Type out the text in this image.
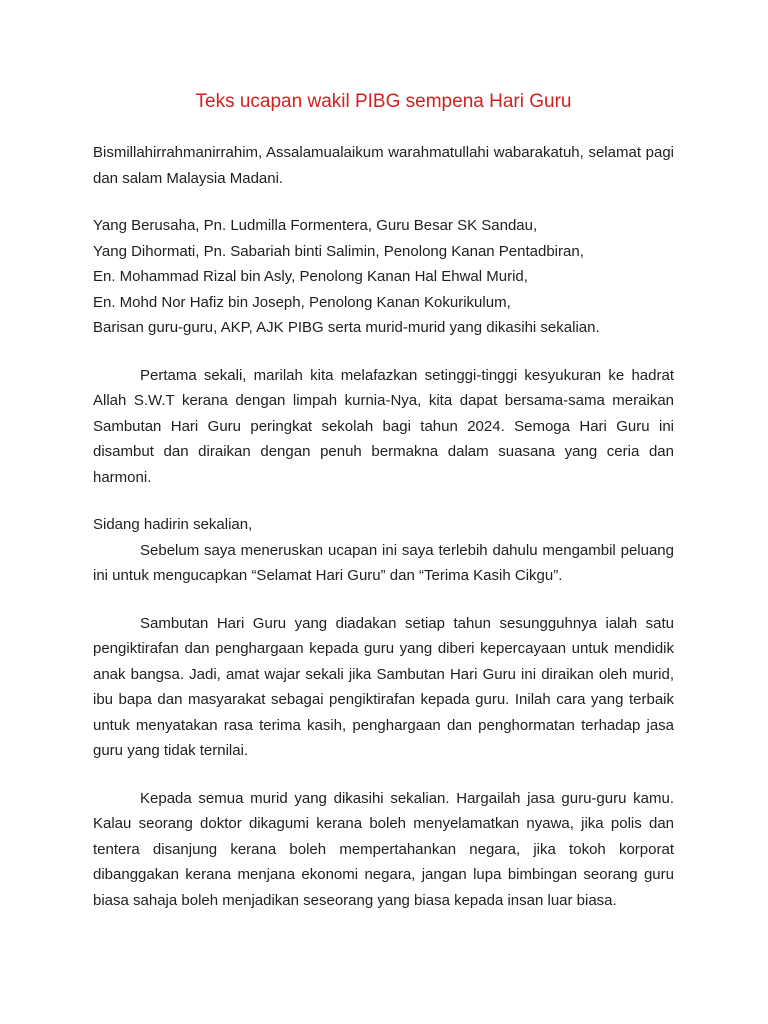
Teks ucapan wakil PIBG sempena Hari Guru

Bismillahirrahmanirrahim, Assalamualaikum warahmatullahi wabarakatuh, selamat pagi dan salam Malaysia Madani.

Yang Berusaha, Pn. Ludmilla Formentera, Guru Besar SK Sandau,

Yang Dihormati, Pn. Sabariah binti Salimin, Penolong Kanan Pentadbiran,

En. Mohammad Rizal bin Asly, Penolong Kanan Hal Ehwal Murid,

En. Mohd Nor Hafiz bin Joseph, Penolong Kanan Kokurikulum,

Barisan guru-guru, AKP, AJK PIBG serta murid-murid yang dikasihi sekalian.

Pertama sekali, marilah kita melafazkan setinggi-tinggi kesyukuran ke hadrat Allah S.W.T kerana dengan limpah kurnia-Nya, kita dapat bersama-sama meraikan Sambutan Hari Guru peringkat sekolah bagi tahun 2024. Semoga Hari Guru ini disambut dan diraikan dengan penuh bermakna dalam suasana yang ceria dan harmoni.

Sidang hadirin sekalian,

Sebelum saya meneruskan ucapan ini saya terlebih dahulu mengambil peluang ini untuk mengucapkan “Selamat Hari Guru” dan “Terima Kasih Cikgu”.

Sambutan Hari Guru yang diadakan setiap tahun sesungguhnya ialah satu pengiktirafan dan penghargaan kepada guru yang diberi kepercayaan untuk mendidik anak bangsa. Jadi, amat wajar sekali jika Sambutan Hari Guru ini diraikan oleh murid, ibu bapa dan masyarakat sebagai pengiktirafan kepada guru. Inilah cara yang terbaik untuk menyatakan rasa terima kasih, penghargaan dan penghormatan terhadap jasa guru yang tidak ternilai.

Kepada semua murid yang dikasihi sekalian. Hargailah jasa guru-guru kamu. Kalau seorang doktor dikagumi kerana boleh menyelamatkan nyawa, jika polis dan tentera disanjung kerana boleh mempertahankan negara, jika tokoh korporat dibanggakan kerana menjana ekonomi negara, jangan lupa bimbingan seorang guru biasa sahaja boleh menjadikan seseorang yang biasa kepada insan luar biasa.
